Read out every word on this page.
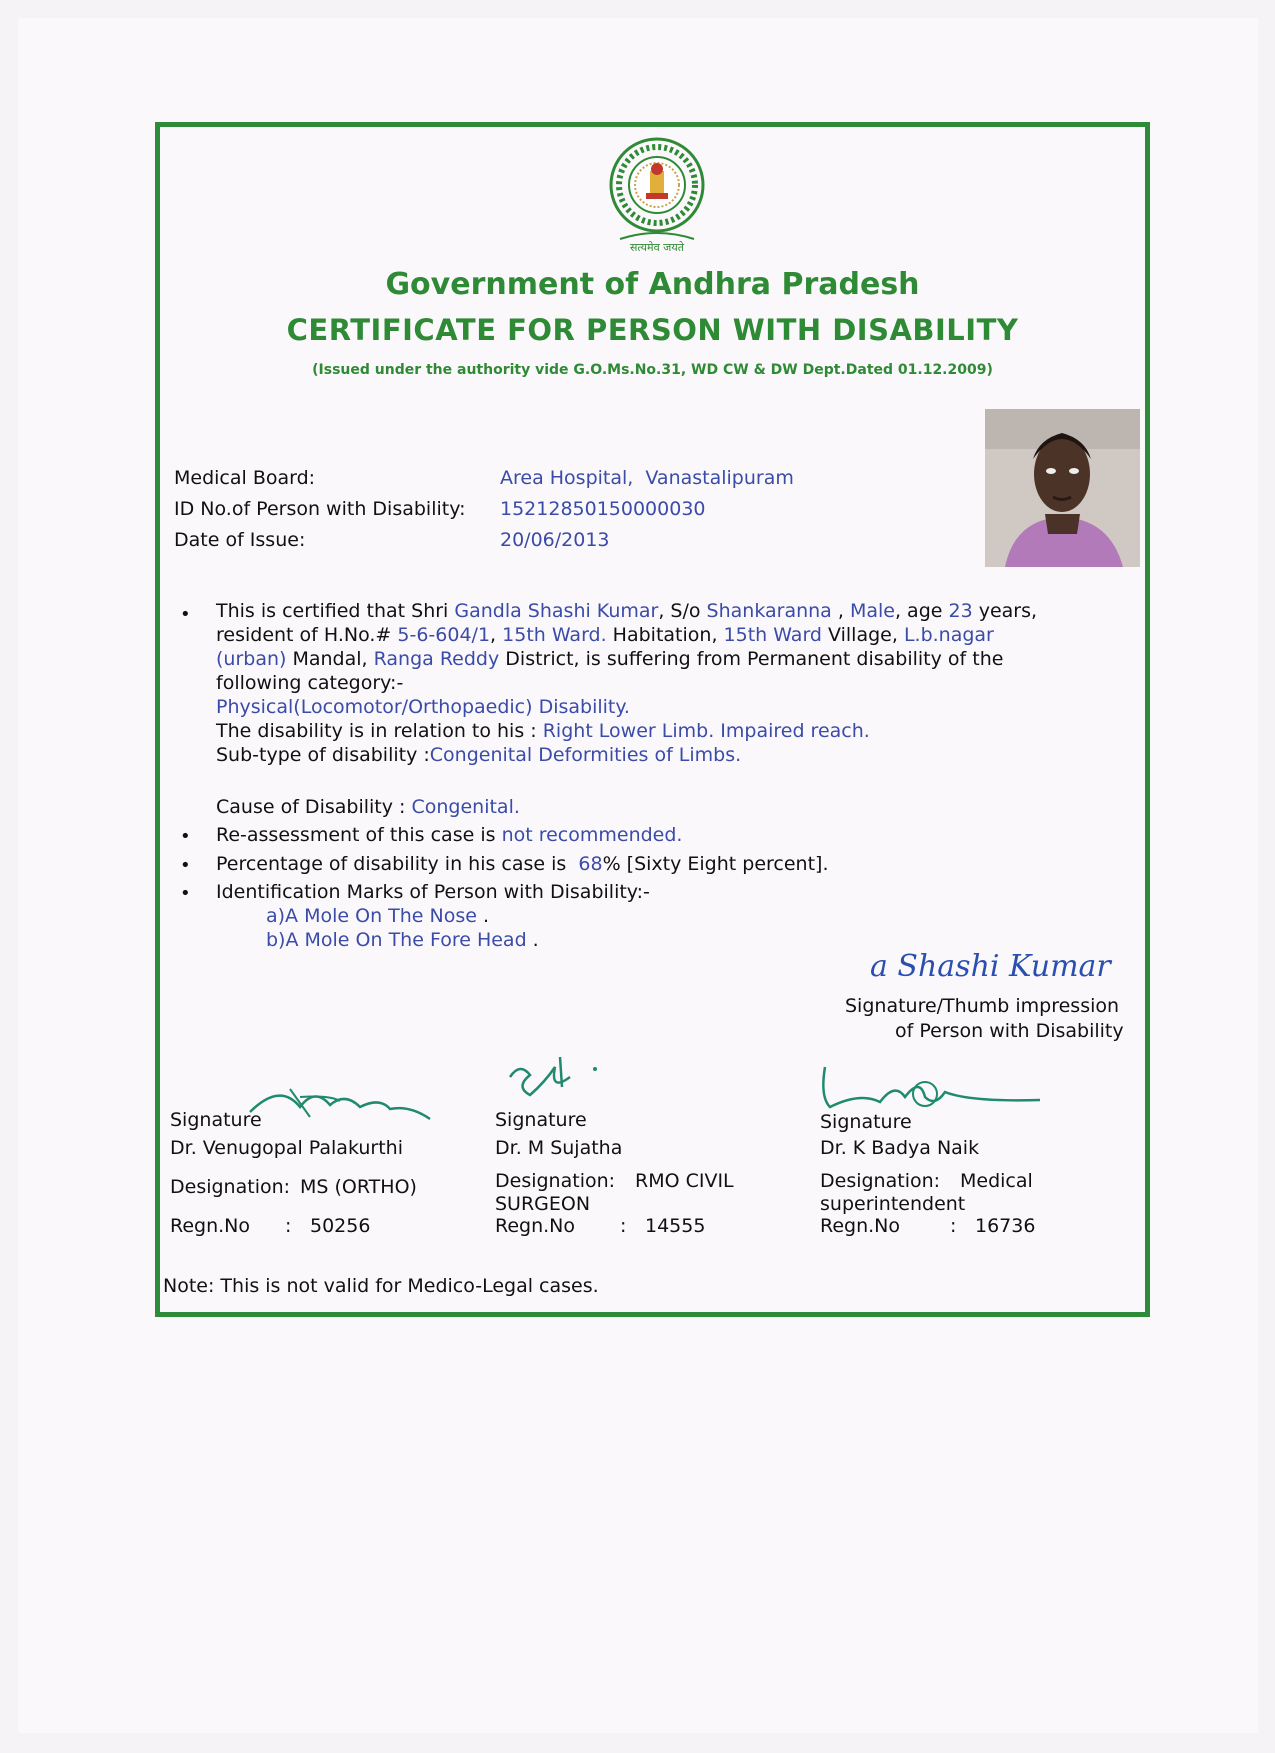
सत्यमेव जयते
Government of Andhra Pradesh
CERTIFICATE FOR PERSON WITH DISABILITY
(Issued under the authority vide G.O.Ms.No.31, WD CW & DW Dept.Dated 01.12.2009)
Medical Board:	Area Hospital,  Vanastalipuram
ID No.of Person with Disability: 15212850150000030
Date of Issue:	20/06/2013
• This is certified that Shri Gandla Shashi Kumar, S/o Shankaranna , Male, age 23 years,
resident of H.No.# 5-6-604/1, 15th Ward. Habitation, 15th Ward Village, L.b.nagar
(urban) Mandal, Ranga Reddy District, is suffering from Permanent disability of the
following category:-
Physical(Locomotor/Orthopaedic) Disability.
The disability is in relation to his : Right Lower Limb. Impaired reach.
Sub-type of disability :Congenital Deformities of Limbs.
Cause of Disability : Congenital.
• Re-assessment of this case is not recommended.
• Percentage of disability in his case is  68% [Sixty Eight percent].
• Identification Marks of Person with Disability:-
a)A Mole On The Nose .
b)A Mole On The Fore Head .
a Shashi Kumar
Signature/Thumb impression
of Person with Disability
Signature
Dr. Venugopal Palakurthi
Designation: MS (ORTHO)
Regn.No : 50256
Signature
Dr. M Sujatha
Designation: RMO CIVIL
SURGEON
Regn.No : 14555
Signature
Dr. K Badya Naik
Designation: Medical
superintendent
Regn.No	: 16736
Note: This is not valid for Medico-Legal cases.
